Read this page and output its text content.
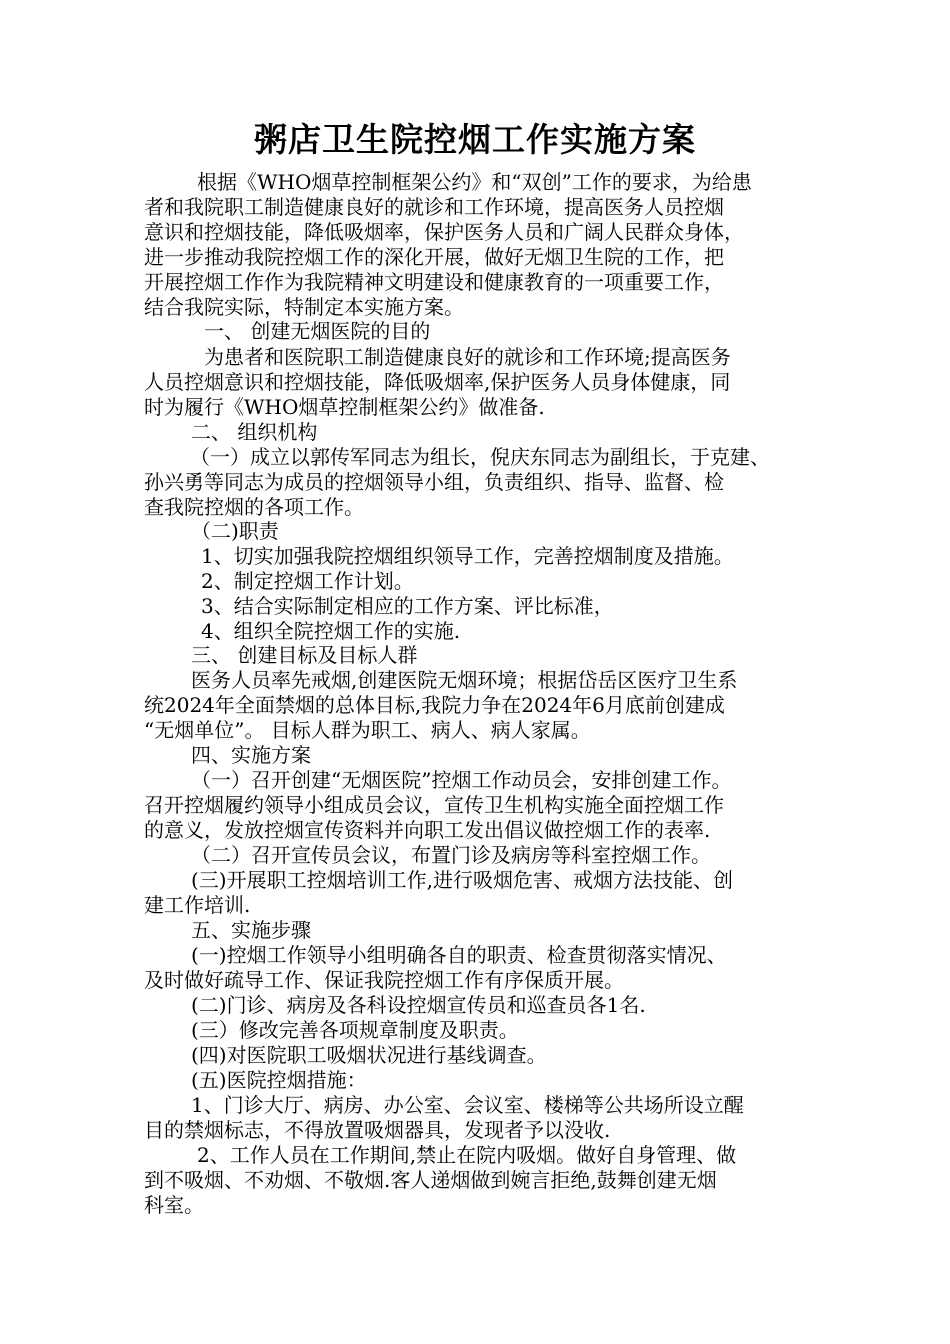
粥店卫生院控烟工作实施方案
根据《WHO烟草控制框架公约》和“双创”工作的要求，为给患
者和我院职工制造健康良好的就诊和工作环境，提高医务人员控烟
意识和控烟技能，降低吸烟率，保护医务人员和广阔人民群众身体，
进一步推动我院控烟工作的深化开展，做好无烟卫生院的工作，把
开展控烟工作作为我院精神文明建设和健康教育的一项重要工作，
结合我院实际，特制定本实施方案。
一、 创建无烟医院的目的
为患者和医院职工制造健康良好的就诊和工作环境;提高医务
人员控烟意识和控烟技能，降低吸烟率,保护医务人员身体健康，同
时为履行《WHO烟草控制框架公约》做准备.
二、 组织机构
（一）成立以郭传军同志为组长，倪庆东同志为副组长，于克建、
孙兴勇等同志为成员的控烟领导小组，负责组织、指导、监督、检
查我院控烟的各项工作。
（二)职责
1、切实加强我院控烟组织领导工作，完善控烟制度及措施。
2、制定控烟工作计划。
3、结合实际制定相应的工作方案、评比标准，
4、组织全院控烟工作的实施.
三、 创建目标及目标人群
医务人员率先戒烟,创建医院无烟环境；根据岱岳区医疗卫生系
统2024年全面禁烟的总体目标,我院力争在2024年6月底前创建成
“无烟单位”。 目标人群为职工、病人、病人家属。
四、实施方案
（一）召开创建“无烟医院”控烟工作动员会，安排创建工作。
召开控烟履约领导小组成员会议，宣传卫生机构实施全面控烟工作
的意义，发放控烟宣传资料并向职工发出倡议做控烟工作的表率.
（二）召开宣传员会议，布置门诊及病房等科室控烟工作。
(三)开展职工控烟培训工作,进行吸烟危害、戒烟方法技能、创
建工作培训.
五、实施步骤
(一)控烟工作领导小组明确各自的职责、检查贯彻落实情况、
及时做好疏导工作、保证我院控烟工作有序保质开展。
(二)门诊、病房及各科设控烟宣传员和巡查员各1名.
(三）修改完善各项规章制度及职责。
(四)对医院职工吸烟状况进行基线调查。
(五)医院控烟措施：
1、门诊大厅、病房、办公室、会议室、楼梯等公共场所设立醒
目的禁烟标志，不得放置吸烟器具，发现者予以没收.
2、工作人员在工作期间,禁止在院内吸烟。做好自身管理、做
到不吸烟、不劝烟、不敬烟.客人递烟做到婉言拒绝,鼓舞创建无烟
科室。
